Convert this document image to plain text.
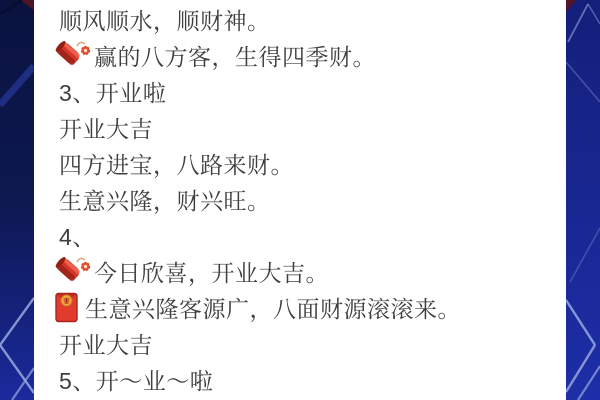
顺风顺水，顺财神。
赢的八方客，生得四季财。
3、开业啦
开业大吉
四方进宝，八路来财。
生意兴隆，财兴旺。
4、
今日欣喜，开业大吉。
生意兴隆客源广，八面财源滚滚来。
开业大吉
5、开～业～啦
